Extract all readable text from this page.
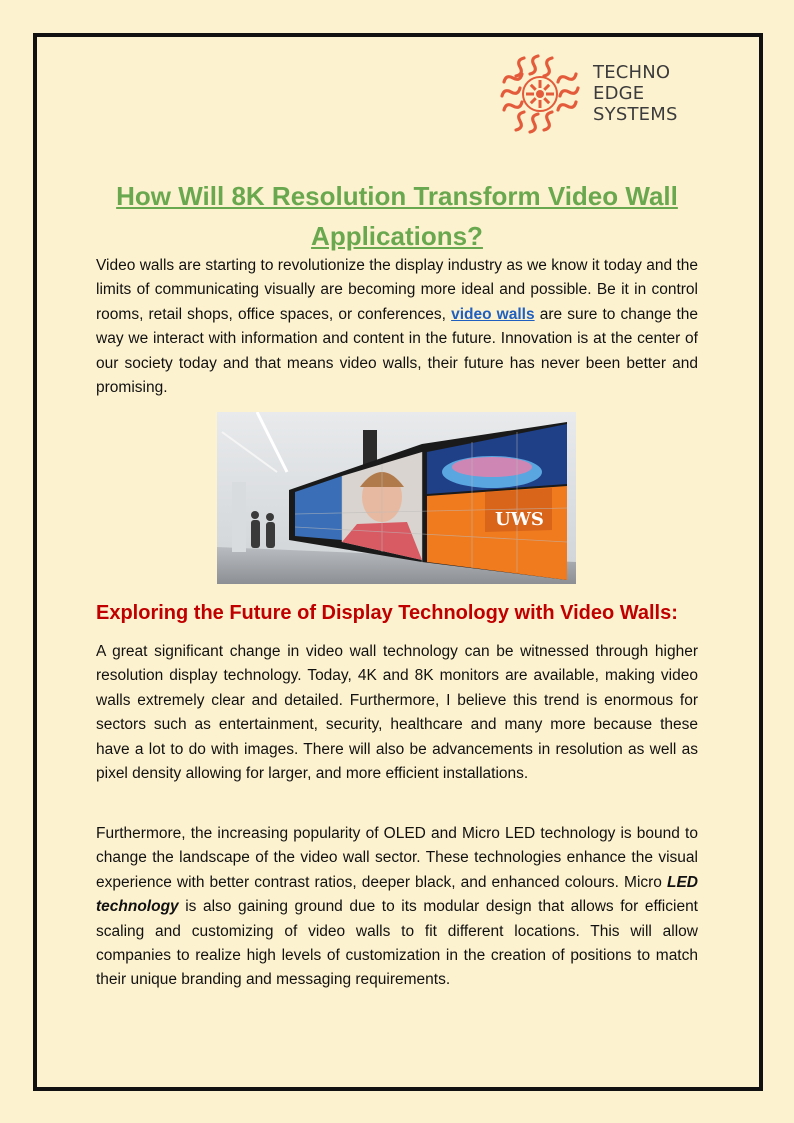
TECHNO
EDGE
SYSTEMS
How Will 8K Resolution Transform Video Wall Applications?

Video walls are starting to revolutionize the display industry as we know it today and the limits of communicating visually are becoming more ideal and possible. Be it in control rooms, retail shops, office spaces, or conferences, video walls are sure to change the way we interact with information and content in the future. Innovation is at the center of our society today and that means video walls, their future has never been better and promising.

UWS
Exploring the Future of Display Technology with Video Walls:

A great significant change in video wall technology can be witnessed through higher resolution display technology. Today, 4K and 8K monitors are available, making video walls extremely clear and detailed. Furthermore, I believe this trend is enormous for sectors such as entertainment, security, healthcare and many more because these have a lot to do with images. There will also be advancements in resolution as well as pixel density allowing for larger, and more efficient installations.

Furthermore, the increasing popularity of OLED and Micro LED technology is bound to change the landscape of the video wall sector. These technologies enhance the visual experience with better contrast ratios, deeper black, and enhanced colours. Micro LED technology is also gaining ground due to its modular design that allows for efficient scaling and customizing of video walls to fit different locations. This will allow companies to realize high levels of customization in the creation of positions to match their unique branding and messaging requirements.
